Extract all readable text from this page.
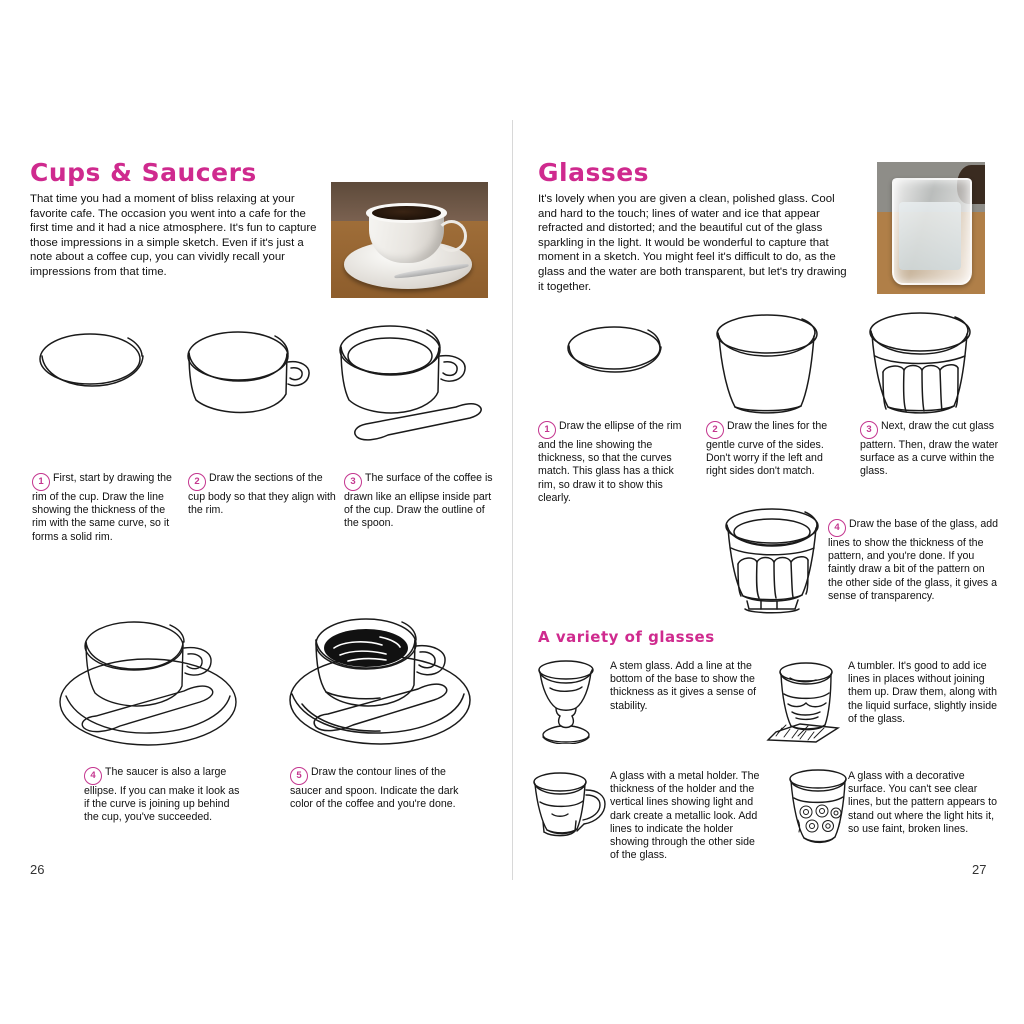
Cups & Saucers
That time you had a moment of bliss relaxing at your favorite cafe. The occasion you went into a cafe for the first time and it had a nice atmosphere. It's fun to capture those impressions in a simple sketch. Even if it's just a note about a coffee cup, you can vividly recall your impressions from that time.
1 First, start by drawing the rim of the cup. Draw the line showing the thickness of the rim with the same curve, so it forms a solid rim.
2 Draw the sections of the cup body so that they align with the rim.
3 The surface of the coffee is drawn like an ellipse inside part of the cup. Draw the outline of the spoon.
4 The saucer is also a large ellipse. If you can make it look as if the curve is joining up behind the cup, you've succeeded.
5 Draw the contour lines of the saucer and spoon. Indicate the dark color of the coffee and you're done.
26
Glasses
It's lovely when you are given a clean, polished glass. Cool and hard to the touch; lines of water and ice that appear refracted and distorted; and the beautiful cut of the glass sparkling in the light. It would be wonderful to capture that moment in a sketch. You might feel it's difficult to do, as the glass and the water are both transparent, but let's try drawing it together.
1 Draw the ellipse of the rim and the line showing the thickness, so that the curves match. This glass has a thick rim, so draw it to show this clearly.
2 Draw the lines for the gentle curve of the sides. Don't worry if the left and right sides don't match.
3 Next, draw the cut glass pattern. Then, draw the water surface as a curve within the glass.
4 Draw the base of the glass, add lines to show the thickness of the pattern, and you're done. If you faintly draw a bit of the pattern on the other side of the glass, it gives a sense of transparency.
A variety of glasses
A stem glass. Add a line at the bottom of the base to show the thickness as it gives a sense of stability.
A tumbler. It's good to add ice lines in places without joining them up. Draw them, along with the liquid surface, slightly inside of the glass.
A glass with a metal holder. The thickness of the holder and the vertical lines showing light and dark create a metallic look. Add lines to indicate the holder showing through the other side of the glass.
A glass with a decorative surface. You can't see clear lines, but the pattern appears to stand out where the light hits it, so use faint, broken lines.
27
